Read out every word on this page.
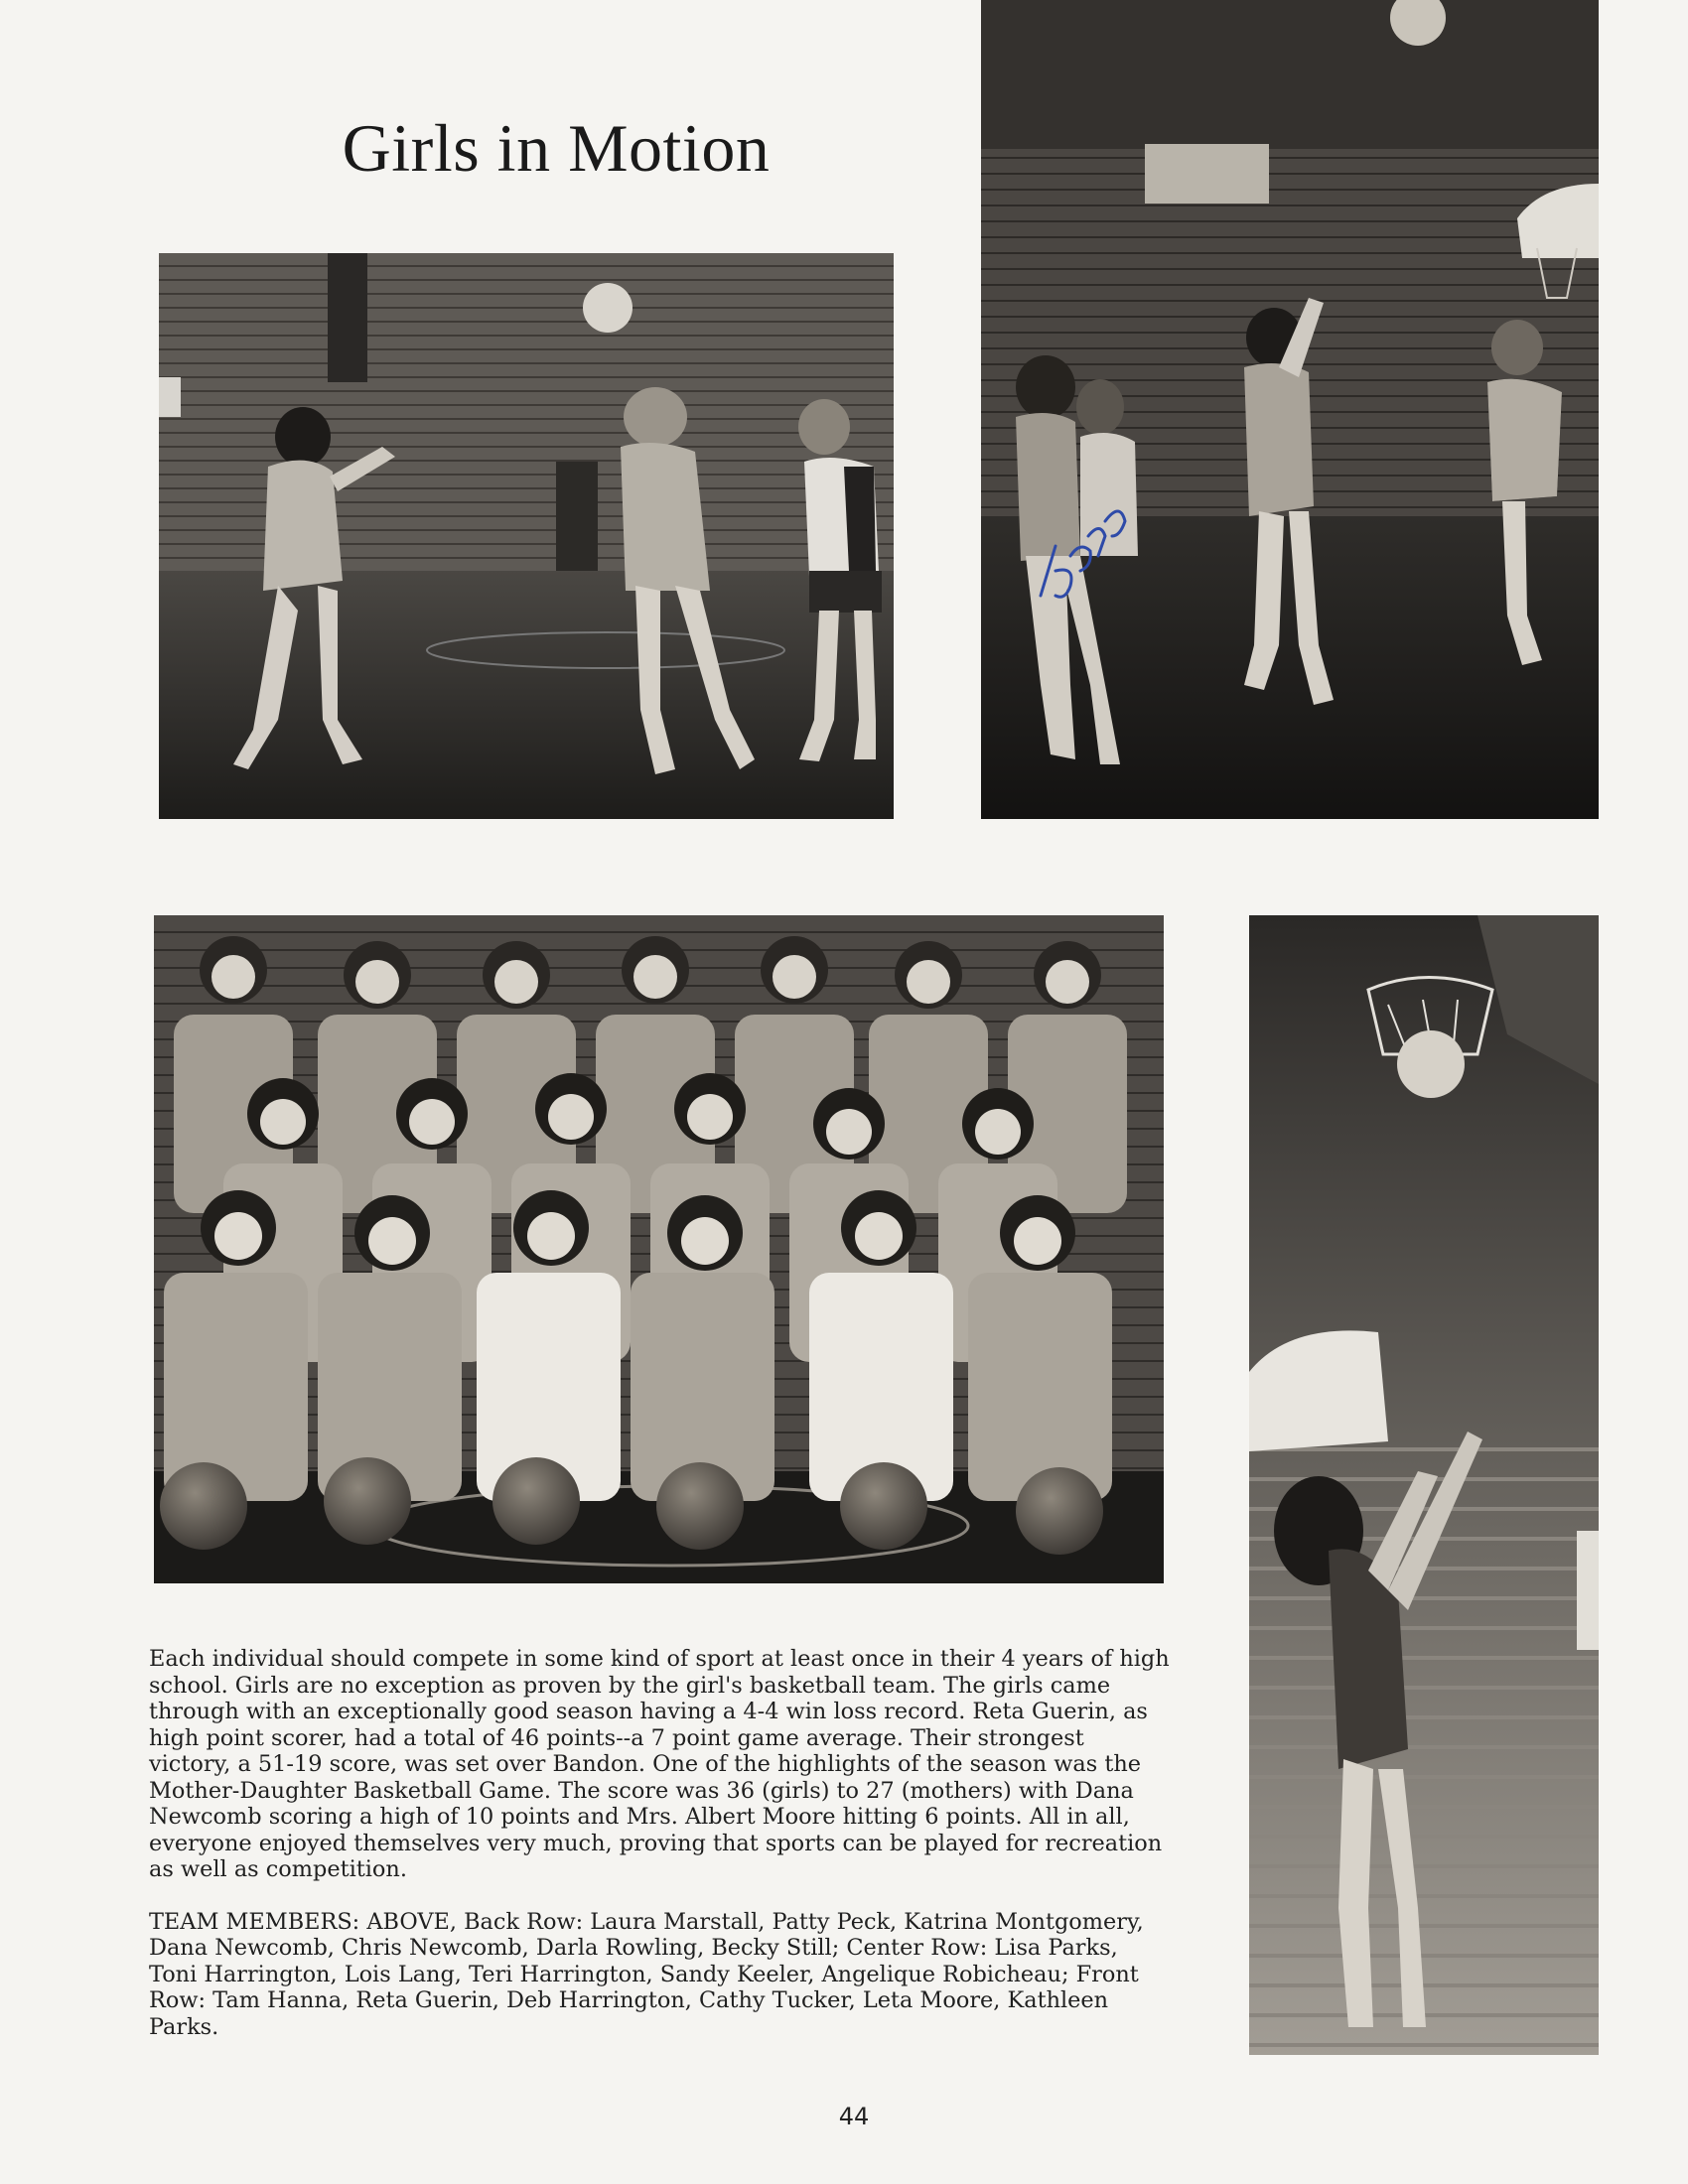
Girls in Motion

Each individual should compete in some kind of sport at least once in their 4 years of high school. Girls are no exception as proven by the girl's basketball team. The girls came through with an exceptionally good season having a 4-4 win loss record. Reta Guerin, as high point scorer, had a total of 46 points--a 7 point game average. Their strongest victory, a 51-19 score, was set over Bandon. One of the highlights of the season was the Mother-Daughter Basketball Game. The score was 36 (girls) to 27 (mothers) with Dana Newcomb scoring a high of 10 points and Mrs. Albert Moore hitting 6 points. All in all, everyone enjoyed themselves very much, proving that sports can be played for recreation as well as competition.

TEAM MEMBERS: ABOVE, Back Row: Laura Marstall, Patty Peck, Katrina Montgomery, Dana Newcomb, Chris Newcomb, Darla Rowling, Becky Still; Center Row: Lisa Parks, Toni Harrington, Lois Lang, Teri Harrington, Sandy Keeler, Angelique Robicheau; Front Row: Tam Hanna, Reta Guerin, Deb Harrington, Cathy Tucker, Leta Moore, Kathleen Parks.

44
